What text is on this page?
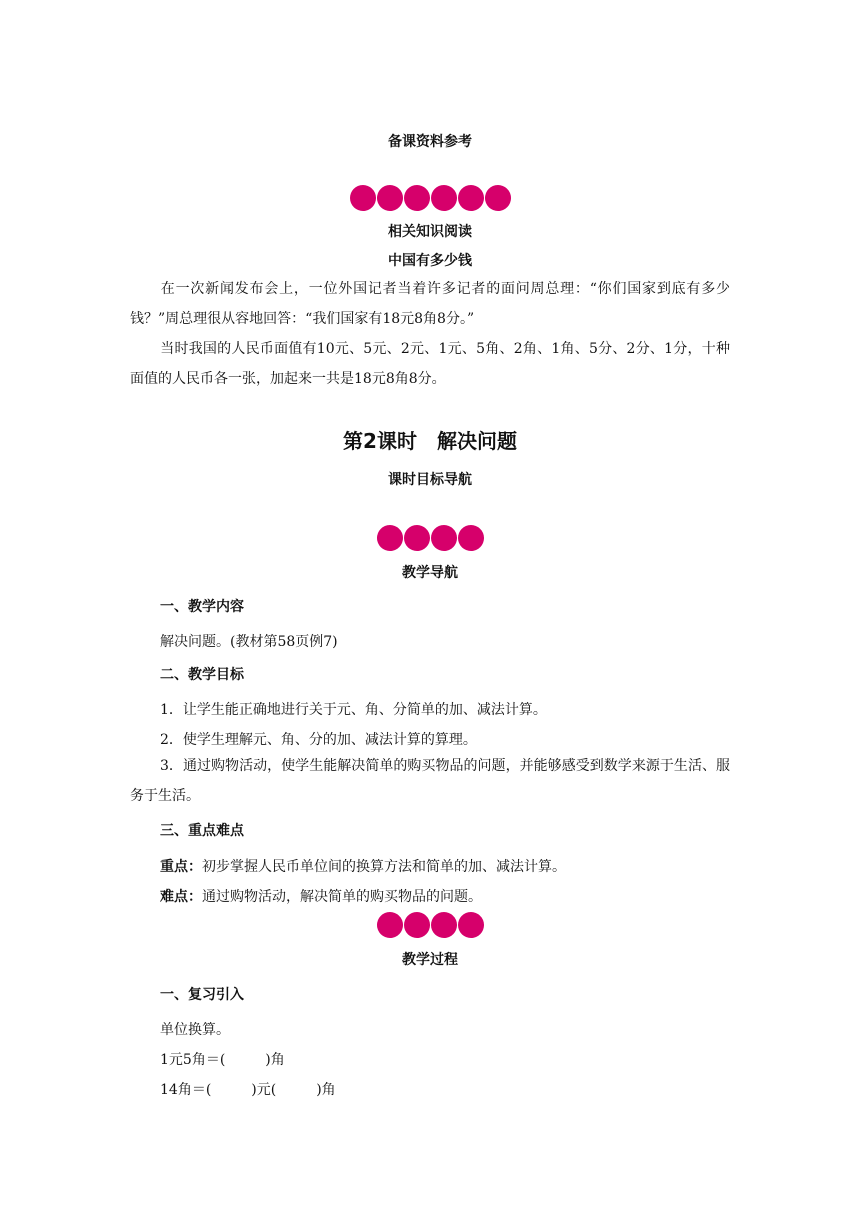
备课资料参考
相关知识阅读
中国有多少钱
在一次新闻发布会上，一位外国记者当着许多记者的面问周总理：“你们国家到底有多少钱？”周总理很从容地回答：“我们国家有18元8角8分。”
当时我国的人民币面值有10元、5元、2元、1元、5角、2角、1角、5分、2分、1分，十种面值的人民币各一张，加起来一共是18元8角8分。
第2课时　解决问题
课时目标导航
教学导航
一、教学内容
解决问题。(教材第58页例7)
二、教学目标
1．让学生能正确地进行关于元、角、分简单的加、减法计算。
2．使学生理解元、角、分的加、减法计算的算理。
3．通过购物活动，使学生能解决简单的购买物品的问题，并能够感受到数学来源于生活、服务于生活。
三、重点难点
重点：初步掌握人民币单位间的换算方法和简单的加、减法计算。
难点：通过购物活动，解决简单的购买物品的问题。
教学过程
一、复习引入
单位换算。
1元5角＝(	)角
14角＝(	)元(	)角
